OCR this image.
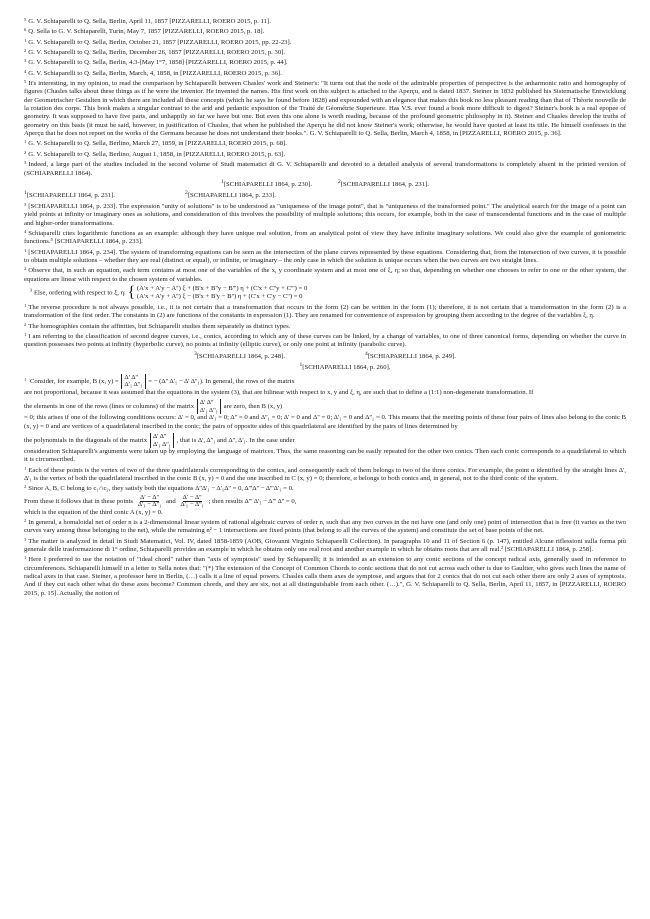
$^5$ G. V. Schiaparelli to Q. Sella, Berlin, April 11, 1857 [PIZZARELLI, ROERO 2015, p. 11].

$^6$ Q. Sella to G. V. Schiaparelli, Turin, May 7, 1857 [PIZZARELLI, ROERO 2015, p. 18].

$^1$ G. V. Schiaparelli to Q. Sella, Berlin, October 21, 1857 [PIZZARELLI, ROERO 2015, pp. 22-23].

$^2$ G. V. Schiaparelli to Q. Sella, Berlin, December 26, 1857 [PIZZARELLI, ROERO 2015, p. 30].

$^3$ G. V. Schiaparelli to Q. Sella, Berlin, 4.3-[May 1°7, 1858] [PIZZARELLI, ROERO 2015, p. 44].

$^4$ G. V. Schiaparelli to Q. Sella, Berlin, March, 4, 1858, in [PIZZARELLI, ROERO 2015, p. 36].

$^5$ It's interesting, in my opinion, to read the comparison by Schiaparelli between Chasles' work and Steiner's: "It turns out that the node of the admirable properties of perspective is the anharmonic ratio and homography of figures (Chasles talks about these things as if he were the inventor. He invented the names. His first work on this subject is attached to the Aperçu, and is dated 1837. Steiner in 1832 published his Sistematische Entwicklung der Geometrischer Gestalten in which there are included all these concepts (which he says he found before 1828) and expounded with an elegance that makes this book no less pleasant reading than that of Théorie nouvelle de la rotation des corps. This book makes a singular contrast to the arid and pedantic exposition of the Traité de Géométrie Superieure. Has V.S. ever found a book more difficult to digest? Steiner's book is a real epopee of geometry. It was supposed to have five parts, and unhappily so far we have but one. But even this one alone is worth reading, because of the profound geometric philosophy in it). Steiner and Chasles develop the truths of geometry on this basis (it must be said, however, in justification of Chasles, that when he published the Aperçu he did not know Steiner's work; otherwise, he would have quoted at least its title. He himself confesses in the Aperçu that he does not report on the works of the Germans because he does not understand their books.". G. V. Schiaparelli to Q. Sella, Berlin, March 4, 1858, in [PIZZARELLI, ROERO 2015, p. 36].

$^1$ G. V. Schiaparelli to Q. Sella, Berlino, March 27, 1859, in [PIZZARELLI, ROERO 2015, p. 68].

$^2$ G. V. Schiaparelli to Q. Sella, Berlino, August 1, 1858, in [PIZZARELLI, ROERO 2015, p. 63].

$^3$ Indeed, a large part of the studies included in the second volume of Studi matematici di G. V. Schiaparelli and devoted to a detailed analysis of several transformations is completely absent in the printed version of (SCHIAPARELLI 1864).

$^1$[SCHIAPARELLI 1864, p. 230].	$^2$[SCHIAPARELLI 1864, p. 231].

$^1$[SCHIAPARELLI 1864, p. 231].	$^2$[SCHIAPARELLI 1864, p. 233].

$^3$ [SCHIAPARELLI 1864, p. 233]. The expression "unity of solutions" is to be understood as "uniqueness of the image point", that is "uniqueness of the transformed point." The analytical search for the image of a point can yield points at infinity or imaginary ones as solutions, and consideration of this involves the possibility of multiple solutions; this occurs, for example, both in the case of transcendental functions and in the case of multiple and higher-order transformations.

$^4$ Schiaparelli cites logarithmic functions as an example: although they have unique real solution, from an analytical point of view they have infinite imaginary solutions. We could also give the example of goniometric functions.⁵ [SCHIAPARELLI 1864, p. 233].

$^1$ [SCHIAPARELLI 1864, p. 234]. The system of transforming equations can be seen as the intersection of the plane curves represented by these equations. Considering that, from the intersection of two curves, it is possible to obtain multiple solutions – whether they are real (distinct or equal), or infinite, or imaginary – the only case in which the solution is unique occurs when the two curves are two straight lines.

$^2$ Observe that, in such an equation, each term contains at most one of the variables of the x, y coordinate system and at most one of ξ, η; so that, depending on whether one chooses to refer to one or the other system, the equations are linear with respect to the chosen system of variables.

$^3$ Else, ordering with respect to ξ, η: { (A'x + A'y − A'') ξ + (B'x + B''y − B''') η + (C'x + C''y + C''') = 0
(A'x + A'y + A'') ξ − (B'x + B'y − B'') η + (C'x + C'y − C'') = 0

$^1$ The reverse procedure is not always possible, i.e., it is not certain that a transformation that occurs in the form (2) can be written in the form (1); therefore, it is not certain that a transformation in the form (2) is a transformation of the first order. The constants in (2) are functions of the constants in expression (1). They are renamed for convenience of expression by grouping them according to the degree of the variables ξ, η.

$^2$ The homographies contain the affinities, but Schiaparelli studies them separately as distinct types.

$^1$ I am referring to the classification of second degree curves, i.e., conics, according to which any of these curves can be linked, by a change of variables, to one of three canonical forms, depending on whether the curve in question possesses two points at infinity (hyperbolic curve), no points at infinity (elliptic curve), or only one point at infinity (parabolic curve).

$^3$[SCHIAPARELLI 1864, p. 248].	$^4$[SCHIAPARELLI 1864, p. 249].

$^1$[SCHIAPARELLI 1864, p. 260].

$^1$ Consider, for example, B (x, y) = Δ' Δ''
Δ'₁ Δ''₁ = − (Δ'' Δ'₁ − Δ' Δ''₁). In general, the rows of the matrix

are not proportional, because it was assumed that the equations in the system (3), that are bilinear with respect to x, y and ξ, η, are such that to define a (1:1) non-degenerate transformation. If

the elements in one of the rows (lines or columns) of the matrix Δ' Δ''
Δ'₁ Δ''₁ are zero, then B (x, y)

= 0; this arises if one of the following conditions occurs: Δ' = 0, and Δ'₁ = 0; Δ'' = 0 and Δ''₁ = 0; Δ' = 0 and Δ'' = 0; Δ'₁ = 0 and Δ''₁ = 0. This means that the meeting points of these four pairs of lines also belong to the conic B (x, y) = 0 and are vertices of a quadrilateral inscribed in the conic; the pairs of opposite sides of this quadrilateral are identified by the pairs of lines determined by

the polynomials in the diagonals of the matrix Δ' Δ''
Δ'₁ Δ''₁ , that is Δ', Δ''₁ and Δ'', Δ'₁. In the case under

consideration Schiaparelli's arguments were taken up by employing the language of matrices. Thus, the same reasoning can be easily repeated for the other two conics. Then each conic corresponds to a quadrilateral to which it is circumscribed.

$^1$ Each of these points is the vertex of two of the three quadrilaterals corresponding to the conics, and consequently each of them belongs to two of the three conics. For example, the point α identified by the straight lines Δ', Δ'₁ is the vertex of both the quadrilateral inscribed in the conic B (x, y) = 0 and the one inscribed in C (x, y) = 0; therefore, α belongs to both conics and, in general, not to the third conic of the system.

$^2$ Since A, B, C belong to c₁∩c₂, they satisfy both the equations Δ''Δ'₁ − Δ'₁Δ'' = 0, Δ'''Δ'' − Δ'''Δ'₁ = 0.

From these it follows that in these points $\frac{\Delta' - \Delta''}{\text{Δ'₁ − Δ''₁}}$ and $\frac{\Delta' - \Delta''}{\text{Δ'₁ − Δ''₁}}$ ; then results Δ''' Δ'₁ − Δ''' Δ'' = 0,

which is the equation of the third conic A (x, y) = 0.

$^2$ In general, a homaloidal net of order n is a 2-dimensional linear system of rational algebraic curves of order n, such that any two curves in the net have one (and only one) point of intersection that is free (it varies as the two curves vary among those belonging to the net), while the remaining n² − 1 intersections are fixed points (that belong to all the curves of the system) and constitute the set of base points of the net.

$^1$ The matter is analyzed in detail in Studi Matematici, Vol. IV, dated 1858-1859 (AOB, Giovanni Virginio Schiaparelli Collection). In paragraphs 10 and 11 of Section 6 (p. 147), entitled Alcune riflessioni sulla forma più generale delle trasformazione di 1° ordine, Schiaparelli provides an example in which he obtains only one real root and another example in which he obtains roots that are all real.² [SCHIAPARELLI 1864, p. 258].

$^1$ Here I preferred to use the notation of "ideal chord" rather than "axis of symptosis" used by Schiaparelli; it is intended as an extension to any conic sections of the concept radical axis, generally used in reference to circumferences. Schiaparelli himself in a letter to Sella notes that: "(*) The extension of the Concept of Common Chords to conic sections that do not cut across each other is due to Gaultier, who gives such lines the name of radical axes in that case. Steiner, a professor here in Berlin, (…) calls it a line of equal powers. Chasles calls them axes de symptose, and argues that for 2 conics that do not cut each other there are only 2 axes of symptosis. And if they cut each other what do these axes become? Common chords, and they are six, not at all distinguishable from each other. (…).", G. V. Schiaparelli to Q. Sella, Berlin, April 11, 1857, in [PIZZARELLI, ROERO 2015, p. 15]. Actually, the notion of
